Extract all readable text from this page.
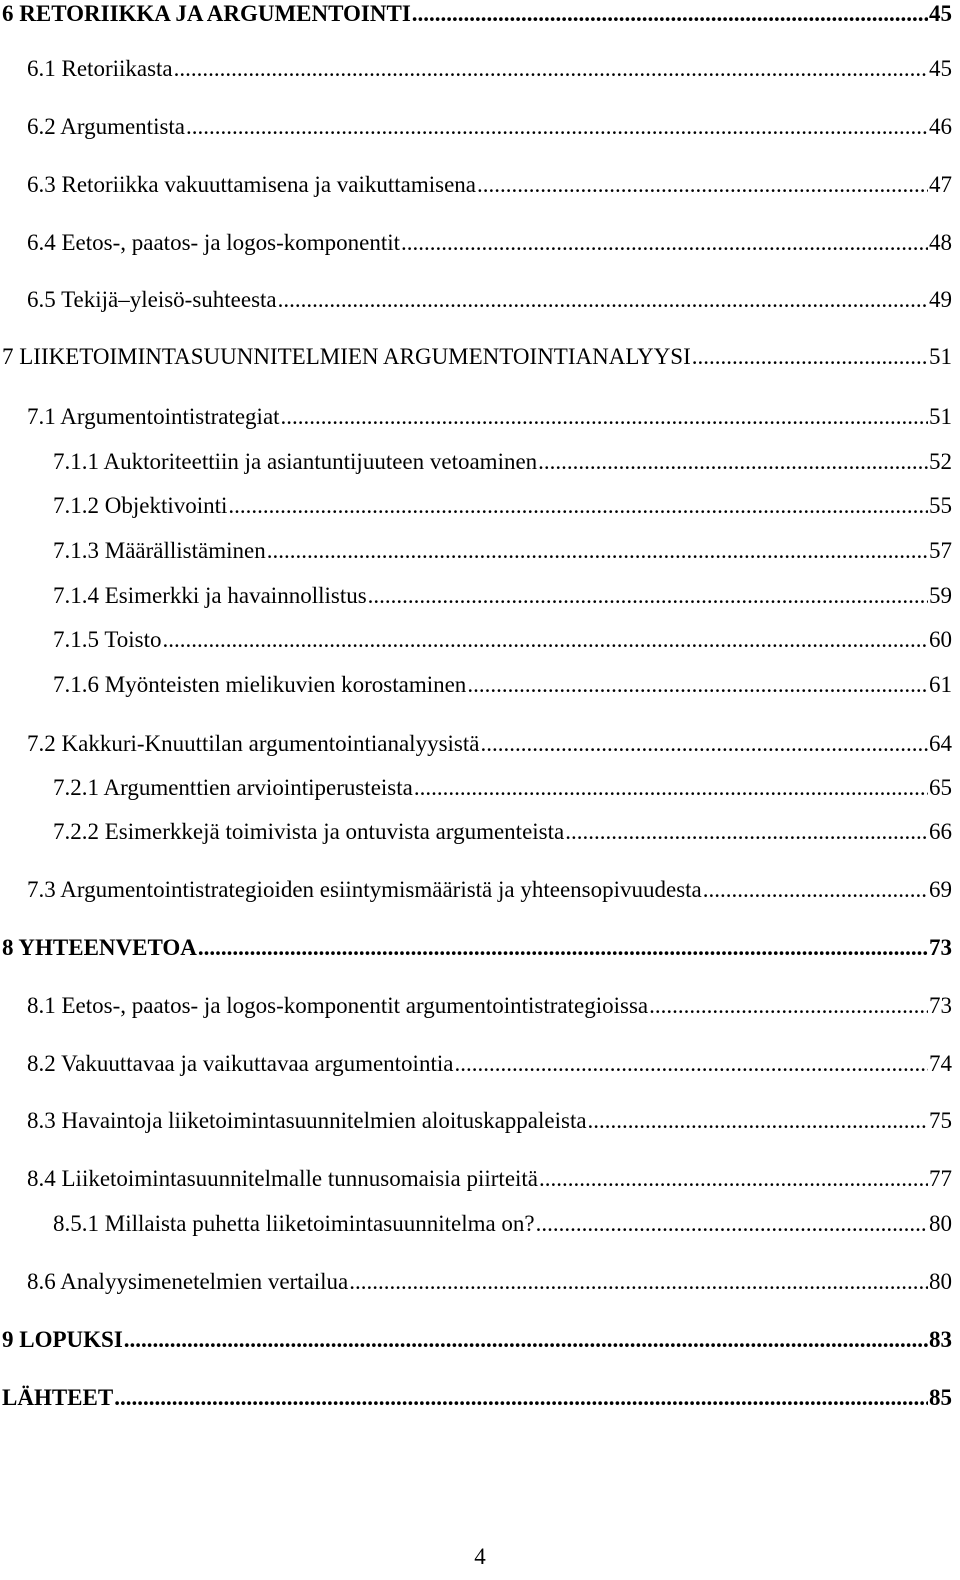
6 RETORIIKKA JA ARGUMENTOINTI .....	45
6.1 Retoriikasta .....	45
6.2 Argumentista .....	46
6.3 Retoriikka vakuuttamisena ja vaikuttamisena .....	47
6.4 Eetos-, paatos- ja logos-komponentit .....	48
6.5 Tekijä–yleisö-suhteesta .....	49
7 LIIKETOIMINTASUUNNITELMIEN ARGUMENTOINTIANALYYSI .....	51
7.1 Argumentointistrategiat .....	51
7.1.1 Auktoriteettiin ja asiantuntijuuteen vetoaminen .....	52
7.1.2 Objektivointi .....	55
7.1.3 Määrällistäminen .....	57
7.1.4 Esimerkki ja havainnollistus .....	59
7.1.5 Toisto .....	60
7.1.6 Myönteisten mielikuvien korostaminen .....	61
7.2 Kakkuri-Knuuttilan argumentointianalyysistä .....	64
7.2.1 Argumenttien arviointiperusteista .....	65
7.2.2 Esimerkkejä toimivista ja ontuvista argumenteista .....	66
7.3 Argumentointistrategioiden esiintymismääristä ja yhteensopivuudesta .....	69
8 YHTEENVETOA .....	73
8.1 Eetos-, paatos- ja logos-komponentit argumentointistrategioissa .....	73
8.2 Vakuuttavaa ja vaikuttavaa argumentointia .....	74
8.3 Havaintoja liiketoimintasuunnitelmien aloituskappaleista .....	75
8.4 Liiketoimintasuunnitelmalle tunnusomaisia piirteitä .....	77
8.5.1 Millaista puhetta liiketoimintasuunnitelma on? .....	80
8.6 Analyysimenetelmien vertailua .....	80
9 LOPUKSI .....	83
LÄHTEET .....	85
4
